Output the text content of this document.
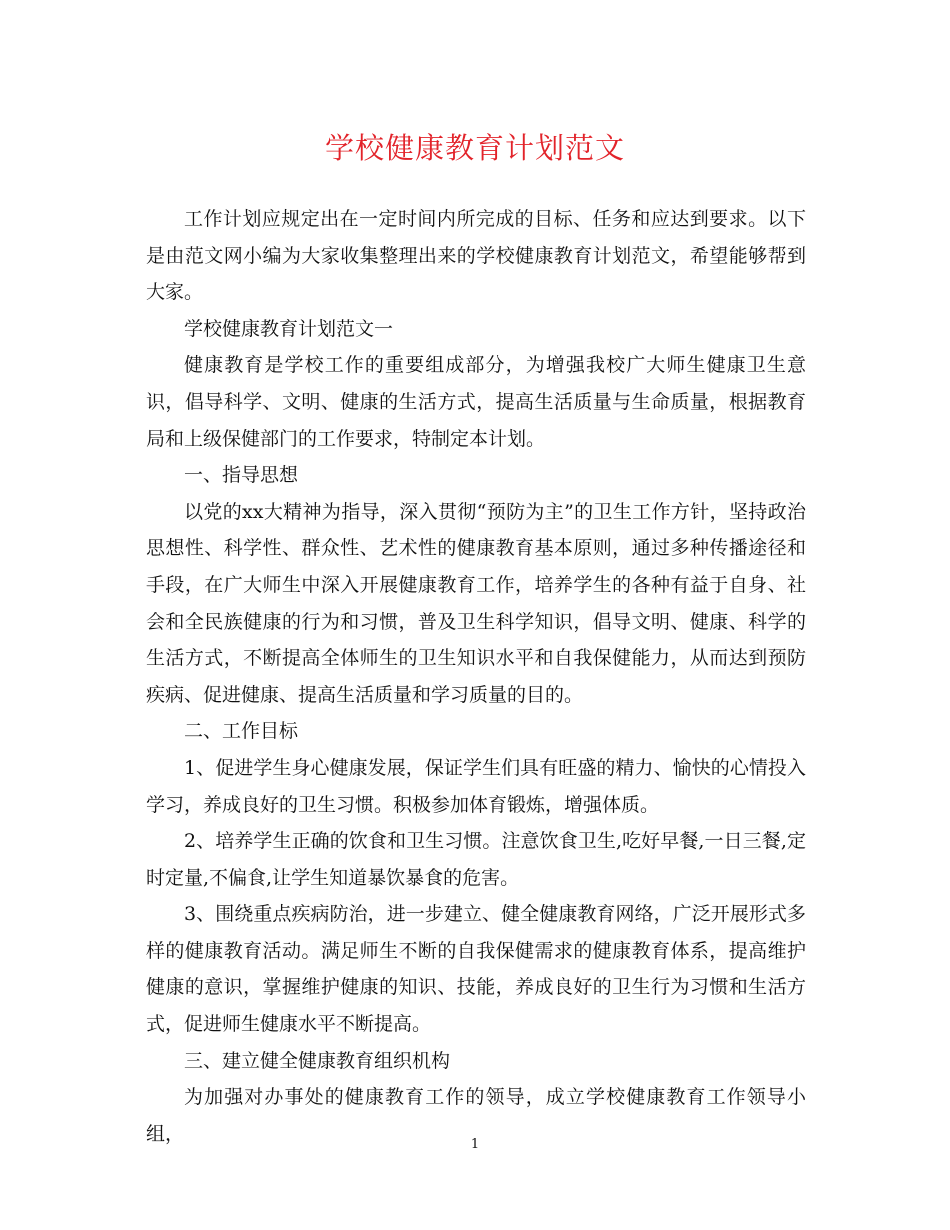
学校健康教育计划范文

工作计划应规定出在一定时间内所完成的目标、任务和应达到要求。以下是由范文网小编为大家收集整理出来的学校健康教育计划范文，希望能够帮到大家。

学校健康教育计划范文一

健康教育是学校工作的重要组成部分，为增强我校广大师生健康卫生意识，倡导科学、文明、健康的生活方式，提高生活质量与生命质量，根据教育局和上级保健部门的工作要求，特制定本计划。

一、指导思想

以党的xx大精神为指导，深入贯彻“预防为主”的卫生工作方针，坚持政治思想性、科学性、群众性、艺术性的健康教育基本原则，通过多种传播途径和手段，在广大师生中深入开展健康教育工作，培养学生的各种有益于自身、社会和全民族健康的行为和习惯，普及卫生科学知识，倡导文明、健康、科学的生活方式，不断提高全体师生的卫生知识水平和自我保健能力，从而达到预防疾病、促进健康、提高生活质量和学习质量的目的。

二、工作目标

1、促进学生身心健康发展，保证学生们具有旺盛的精力、愉快的心情投入学习，养成良好的卫生习惯。积极参加体育锻炼，增强体质。

2、培养学生正确的饮食和卫生习惯。注意饮食卫生,吃好早餐,一日三餐,定时定量,不偏食,让学生知道暴饮暴食的危害。

3、围绕重点疾病防治，进一步建立、健全健康教育网络，广泛开展形式多样的健康教育活动。满足师生不断的自我保健需求的健康教育体系，提高维护健康的意识，掌握维护健康的知识、技能，养成良好的卫生行为习惯和生活方式，促进师生健康水平不断提高。

三、建立健全健康教育组织机构

为加强对办事处的健康教育工作的领导，成立学校健康教育工作领导小组，	1
